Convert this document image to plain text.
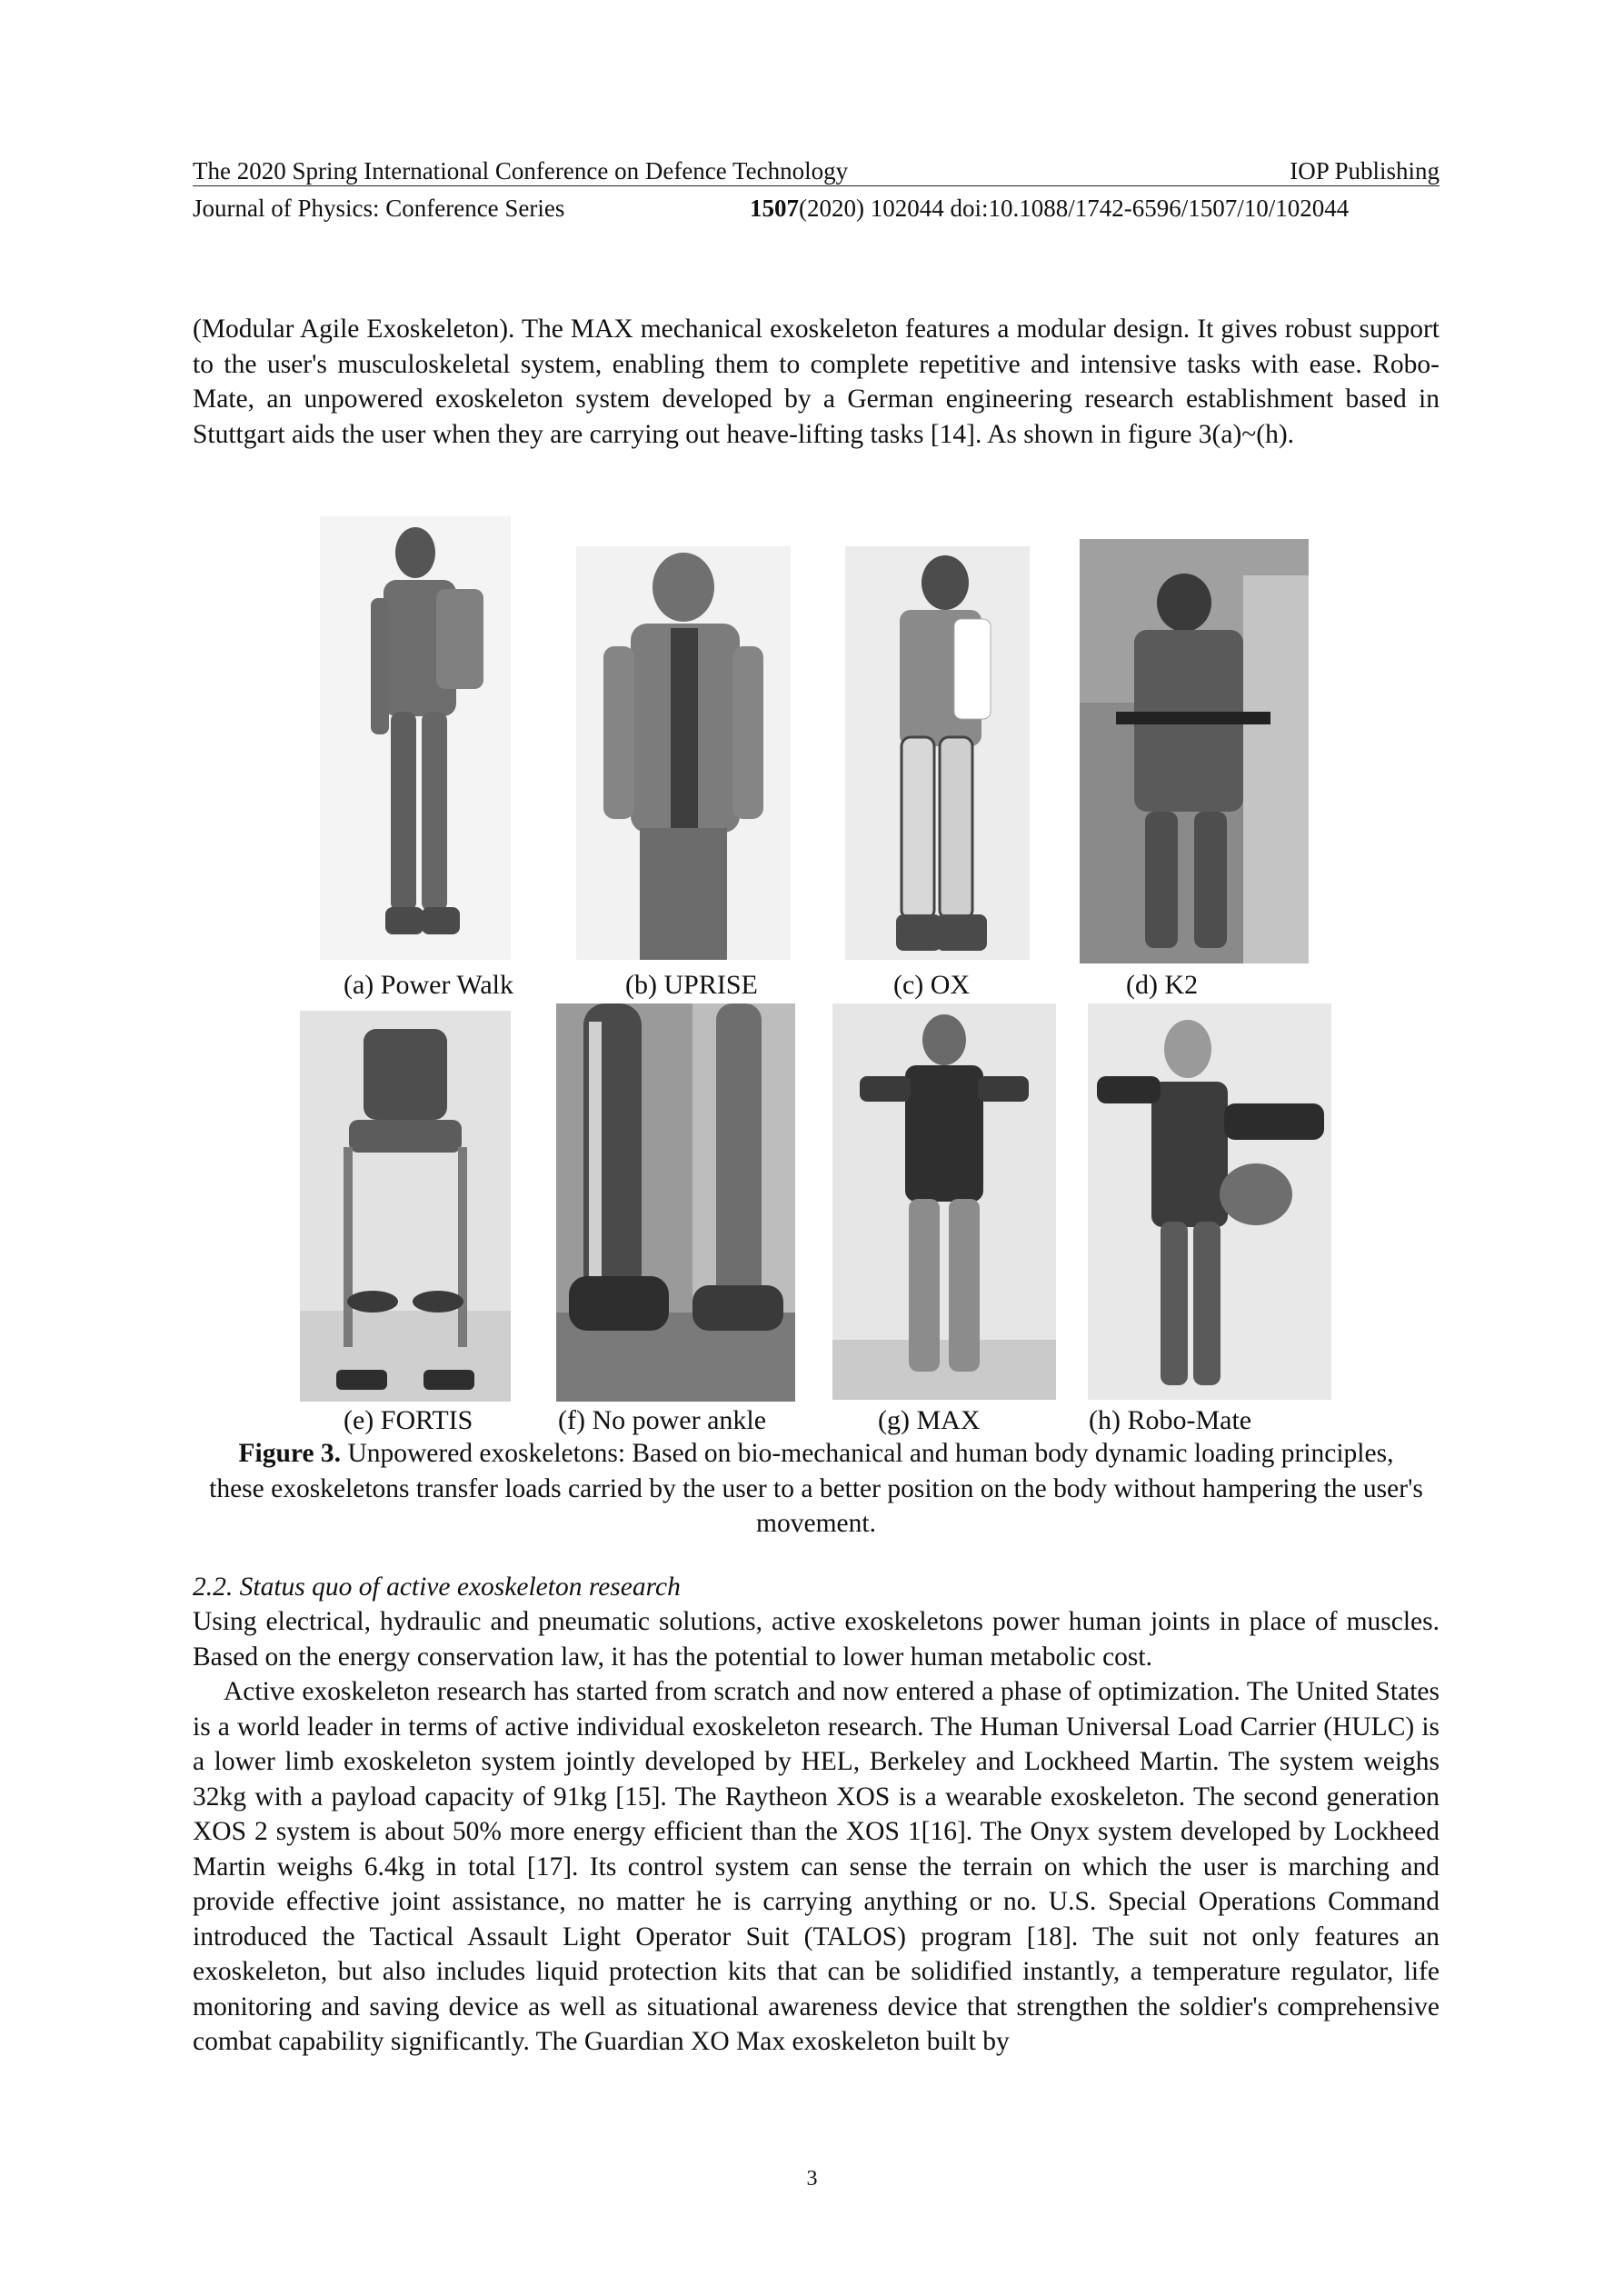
The 2020 Spring International Conference on Defence Technology	IOP Publishing
Journal of Physics: Conference Series	1507(2020) 102044 doi:10.1088/1742-6596/1507/10/102044

(Modular Agile Exoskeleton). The MAX mechanical exoskeleton features a modular design. It gives robust support to the user's musculoskeletal system, enabling them to complete repetitive and intensive tasks with ease. Robo-Mate, an unpowered exoskeleton system developed by a German engineering research establishment based in Stuttgart aids the user when they are carrying out heave-lifting tasks [14]. As shown in figure 3(a)~(h).

(a) Power Walk	(b) UPRISE	(c) OX	(d) K2
(e) FORTIS	(f) No power ankle	(g) MAX	(h) Robo-Mate
Figure 3. Unpowered exoskeletons: Based on bio-mechanical and human body dynamic loading principles, these exoskeletons transfer loads carried by the user to a better position on the body without hampering the user's movement.
2.2. Status quo of active exoskeleton research

Using electrical, hydraulic and pneumatic solutions, active exoskeletons power human joints in place of muscles. Based on the energy conservation law, it has the potential to lower human metabolic cost.

Active exoskeleton research has started from scratch and now entered a phase of optimization. The United States is a world leader in terms of active individual exoskeleton research. The Human Universal Load Carrier (HULC) is a lower limb exoskeleton system jointly developed by HEL, Berkeley and Lockheed Martin. The system weighs 32kg with a payload capacity of 91kg [15]. The Raytheon XOS is a wearable exoskeleton. The second generation XOS 2 system is about 50% more energy efficient than the XOS 1[16]. The Onyx system developed by Lockheed Martin weighs 6.4kg in total [17]. Its control system can sense the terrain on which the user is marching and provide effective joint assistance, no matter he is carrying anything or no. U.S. Special Operations Command introduced the Tactical Assault Light Operator Suit (TALOS) program [18]. The suit not only features an exoskeleton, but also includes liquid protection kits that can be solidified instantly, a temperature regulator, life monitoring and saving device as well as situational awareness device that strengthen the soldier's comprehensive combat capability significantly. The Guardian XO Max exoskeleton built by

3
